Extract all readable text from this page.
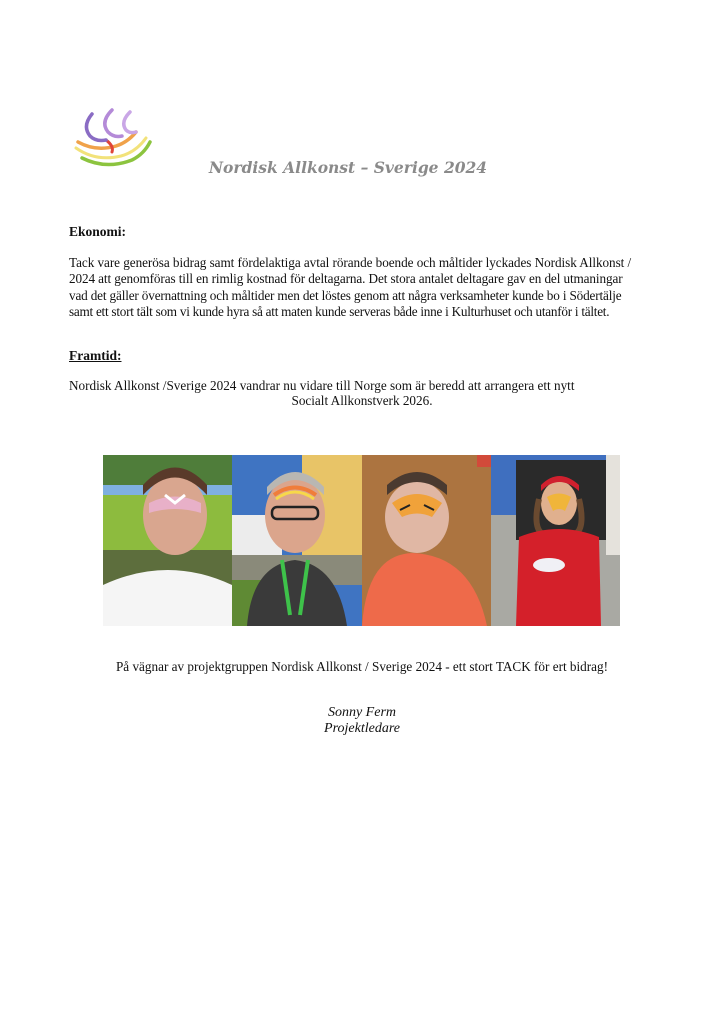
Nordisk Allkonst – Sverige 2024
Ekonomi:
Tack vare generösa bidrag samt fördelaktiga avtal rörande boende och måltider lyckades Nordisk Allkonst /
2024 att genomföras till en rimlig kostnad för deltagarna. Det stora antalet deltagare gav en del utmaningar
vad det gäller övernattning och måltider men det löstes genom att några verksamheter kunde bo i Södertälje
samt ett stort tält som vi kunde hyra så att maten kunde serveras både inne i Kulturhuset och utanför i tältet.
Framtid:
Nordisk Allkonst /Sverige 2024 vandrar nu vidare till Norge som är beredd att arrangera ett nytt
Socialt Allkonstverk 2026.
På vägnar av projektgruppen Nordisk Allkonst / Sverige 2024 - ett stort TACK för ert bidrag!
Sonny Ferm
Projektledare
